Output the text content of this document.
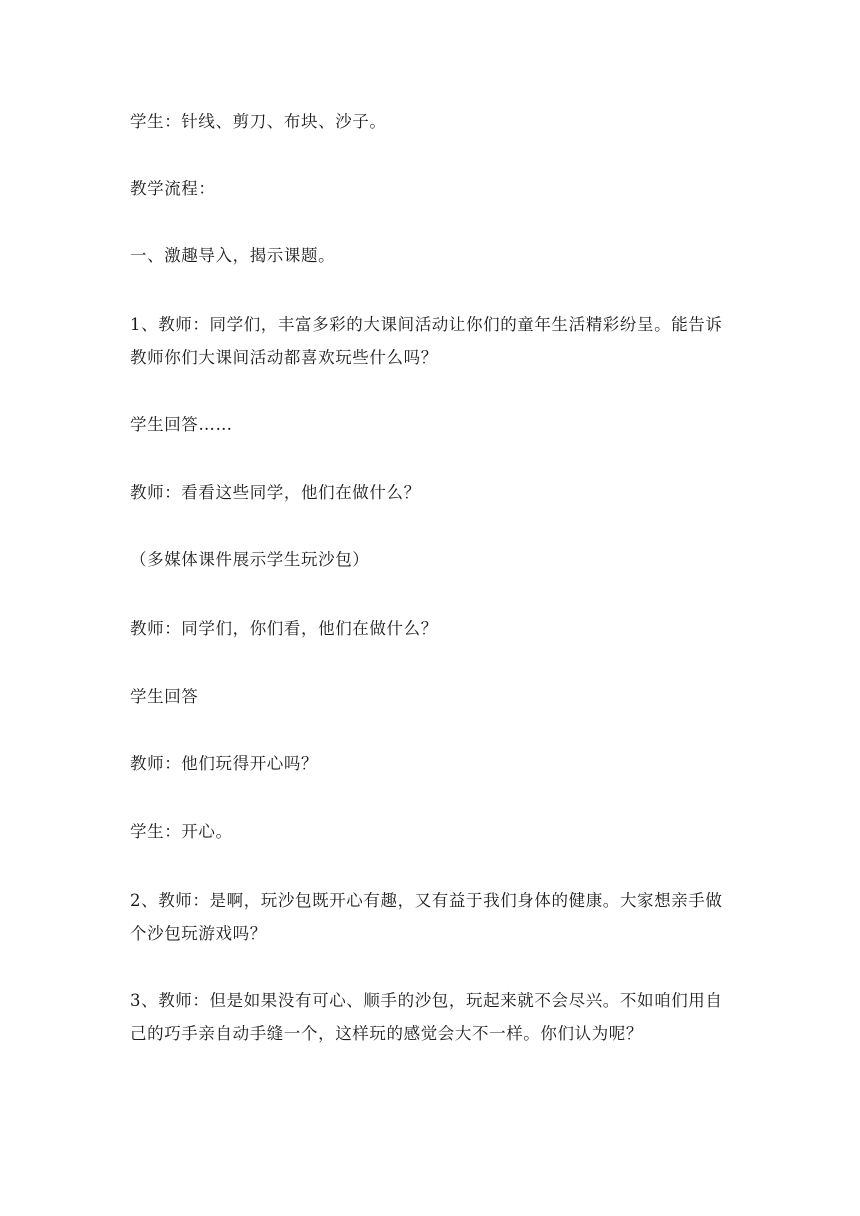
学生：针线、剪刀、布块、沙子。

教学流程：

一、激趣导入，揭示课题。

1、教师：同学们，丰富多彩的大课间活动让你们的童年生活精彩纷呈。能告诉教师你们大课间活动都喜欢玩些什么吗？

学生回答……

教师：看看这些同学，他们在做什么？

（多媒体课件展示学生玩沙包）

教师：同学们，你们看，他们在做什么？

学生回答

教师：他们玩得开心吗？

学生：开心。

2、教师：是啊，玩沙包既开心有趣，又有益于我们身体的健康。大家想亲手做个沙包玩游戏吗？

3、教师：但是如果没有可心、顺手的沙包，玩起来就不会尽兴。不如咱们用自己的巧手亲自动手缝一个，这样玩的感觉会大不一样。你们认为呢？
